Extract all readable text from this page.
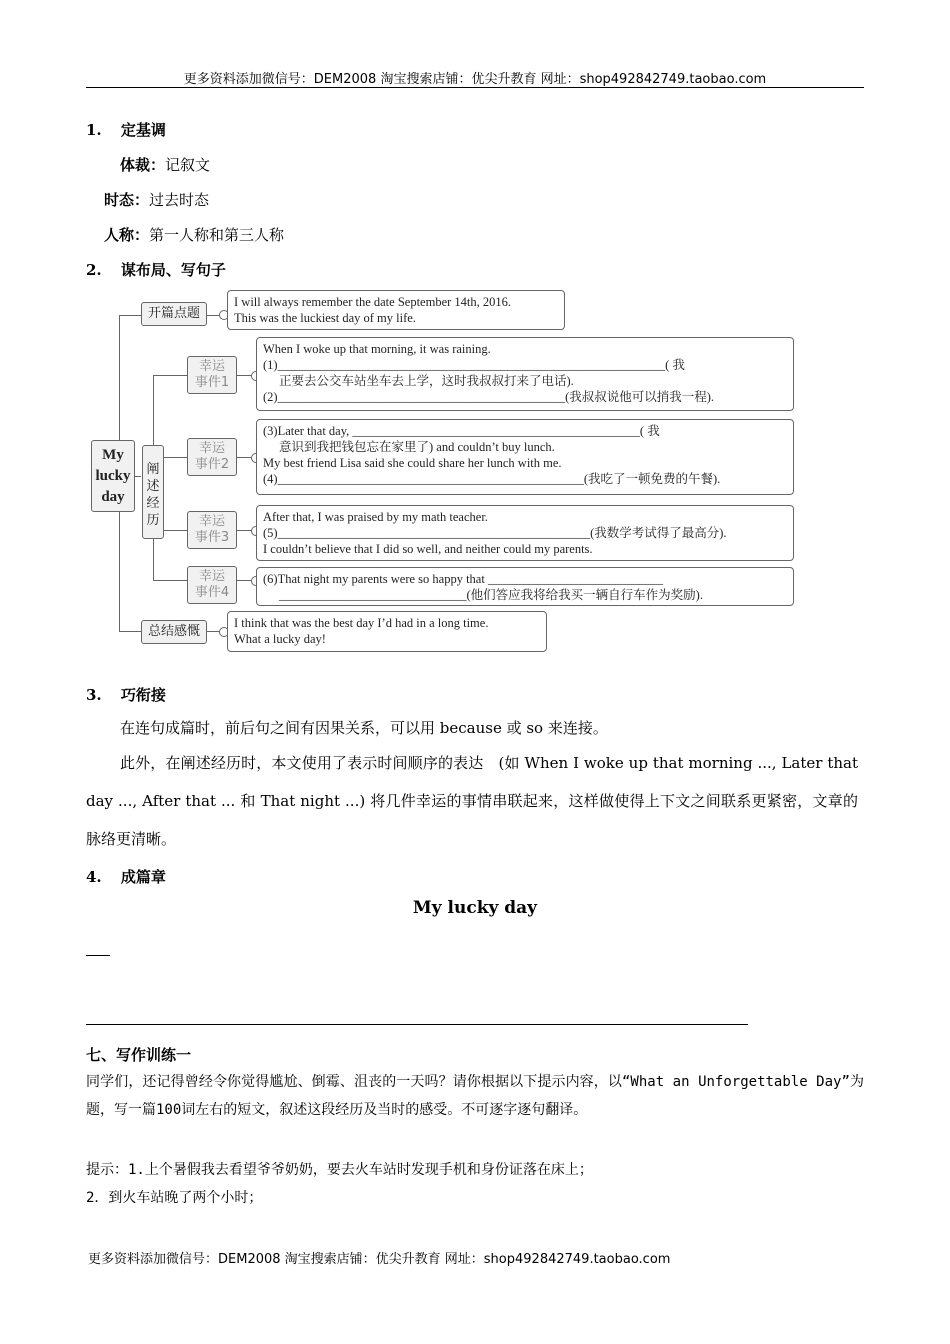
更多资料添加微信号：DEM2008 淘宝搜索店铺：优尖升教育 网址：shop492842749.taobao.com
1. 定基调
体裁：记叙文
时态：过去时态
人称：第一人称和第三人称
2. 谋布局、写句子
My
lucky
day
阐述经历
开篇点题
I will always remember the date September 14th, 2016.
This was the luckiest day of my life.
幸运
事件1
When I woke up that morning, it was raining.
(1)______________________________________________________________( 我
正要去公交车站坐车去上学，这时我叔叔打来了电话).
(2)______________________________________________(我叔叔说他可以捎我一程).
幸运
事件2
(3)Later that day, ______________________________________________( 我
意识到我把钱包忘在家里了) and couldn’t buy lunch.
My best friend Lisa said she could share her lunch with me.
(4)_________________________________________________(我吃了一顿免费的午餐).
幸运
事件3
After that, I was praised by my math teacher.
(5)__________________________________________________(我数学考试得了最高分).
I couldn’t believe that I did so well, and neither could my parents.
幸运
事件4
(6)That night my parents were so happy that ____________________________
______________________________(他们答应我将给我买一辆自行车作为奖励).
总结感慨
I think that was the best day I’d had in a long time.
What a lucky day!
3. 巧衔接
在连句成篇时，前后句之间有因果关系，可以用 because 或 so 来连接。
此外，在阐述经历时，本文使用了表示时间顺序的表达　(如 When I woke up that morning ..., Later that day ..., After that ... 和 That night ...) 将几件幸运的事情串联起来，这样做使得上下文之间联系更紧密，文章的脉络更清晰。
4. 成篇章
My lucky day
七、写作训练一
同学们，还记得曾经令你觉得尴尬、倒霉、沮丧的一天吗？请你根据以下提示内容，以“What an Unforgettable Day”为题，写一篇100词左右的短文，叙述这段经历及当时的感受。不可逐字逐句翻译。
提示：1.上个暑假我去看望爷爷奶奶，要去火车站时发现手机和身份证落在床上；
2．到火车站晚了两个小时；
更多资料添加微信号：DEM2008 淘宝搜索店铺：优尖升教育 网址：shop492842749.taobao.com
